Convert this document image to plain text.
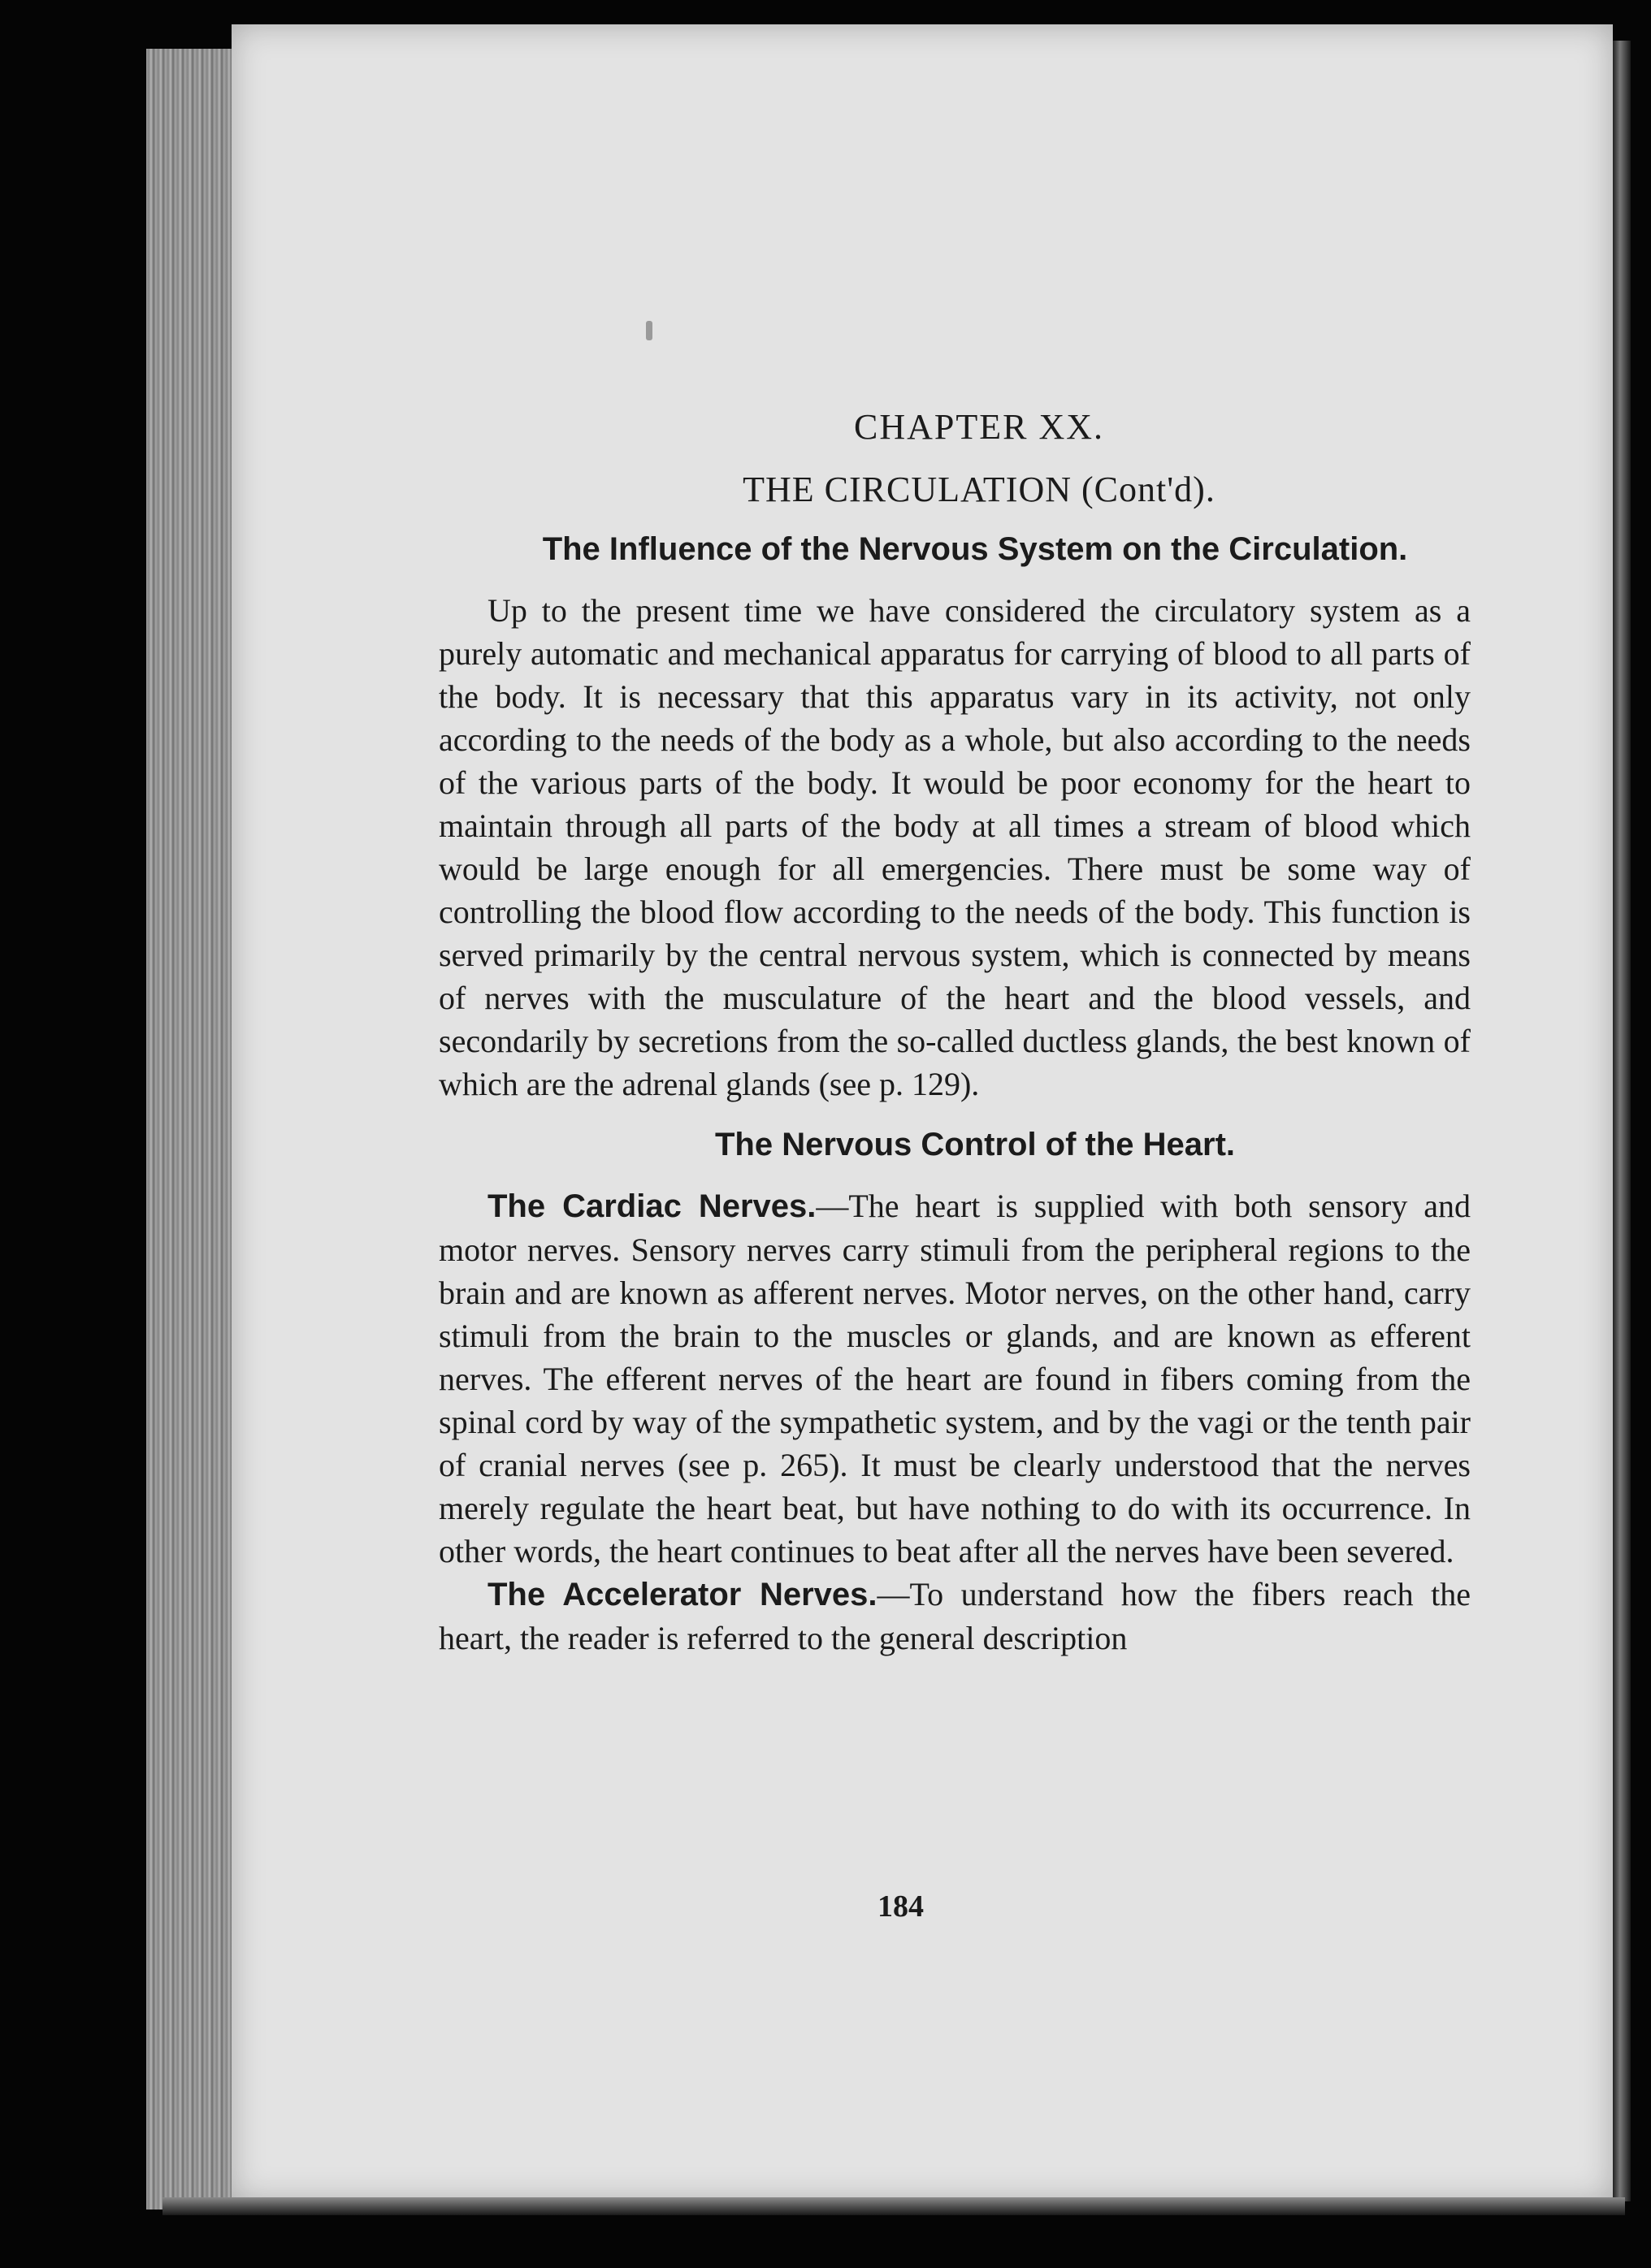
CHAPTER XX.
THE CIRCULATION (Cont'd).
The Influence of the Nervous System on the Circulation.

Up to the present time we have considered the circulatory system as a purely automatic and mechanical apparatus for carrying of blood to all parts of the body. It is necessary that this apparatus vary in its activity, not only according to the needs of the body as a whole, but also according to the needs of the various parts of the body. It would be poor economy for the heart to maintain through all parts of the body at all times a stream of blood which would be large enough for all emergencies. There must be some way of controlling the blood flow according to the needs of the body. This function is served primarily by the central nervous system, which is connected by means of nerves with the musculature of the heart and the blood vessels, and secondarily by secretions from the so-called ductless glands, the best known of which are the adrenal glands (see p. 129).

The Nervous Control of the Heart.

The Cardiac Nerves.—The heart is supplied with both sensory and motor nerves. Sensory nerves carry stimuli from the peripheral regions to the brain and are known as afferent nerves. Motor nerves, on the other hand, carry stimuli from the brain to the muscles or glands, and are known as efferent nerves. The efferent nerves of the heart are found in fibers coming from the spinal cord by way of the sympathetic system, and by the vagi or the tenth pair of cranial nerves (see p. 265). It must be clearly understood that the nerves merely regulate the heart beat, but have nothing to do with its occurrence. In other words, the heart continues to beat after all the nerves have been severed.

The Accelerator Nerves.—To understand how the fibers reach the heart, the reader is referred to the general description

184
